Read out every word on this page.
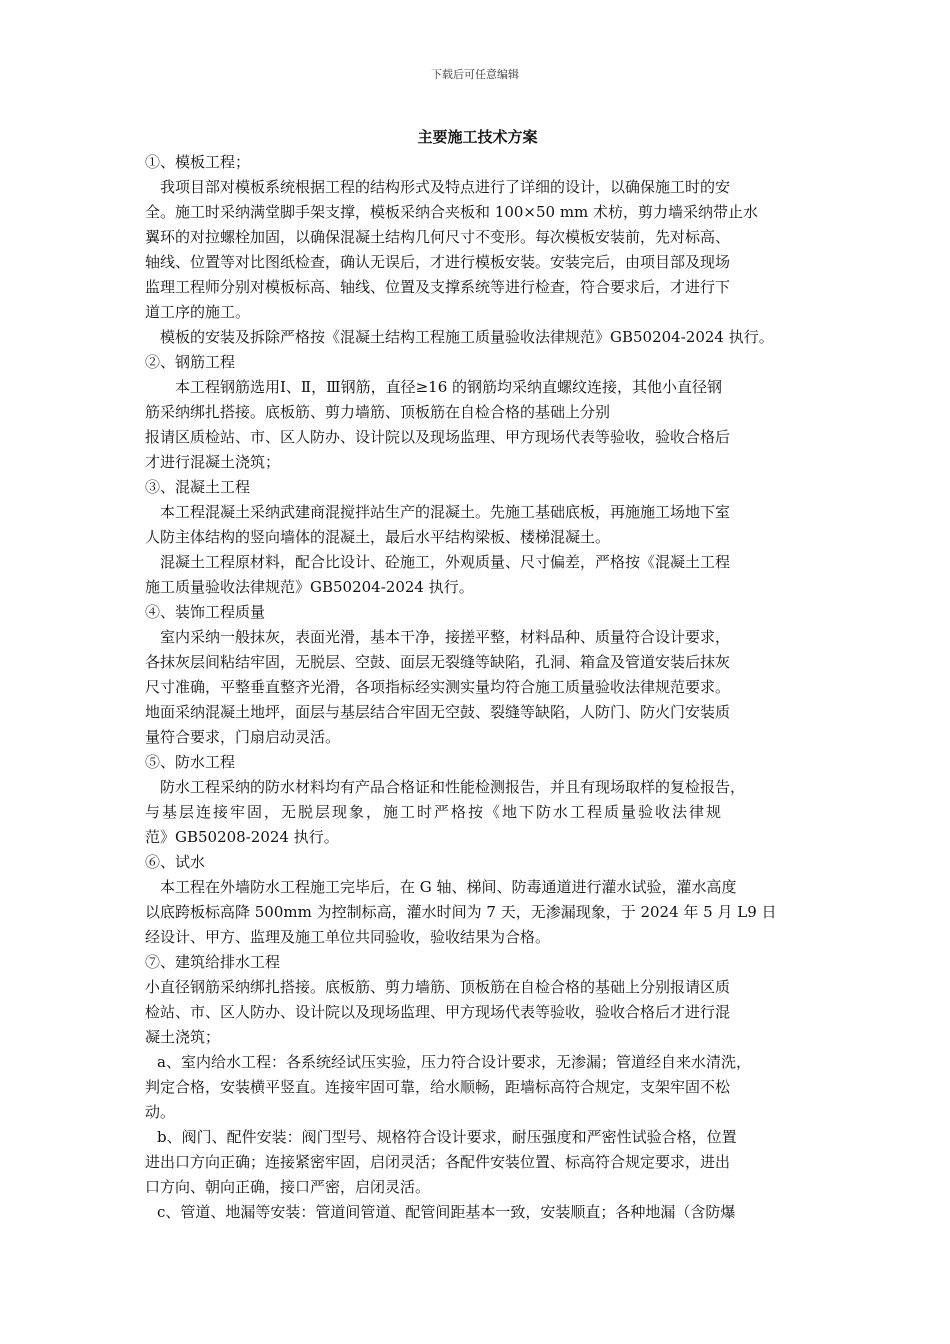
下载后可任意编辑
主要施工技术方案
①、模板工程；
我项目部对模板系统根据工程的结构形式及特点进行了详细的设计，以确保施工时的安
全。施工时采纳满堂脚手架支撑，模板采纳合夹板和 100×50 mm 术枋，剪力墙采纳带止水
翼环的对拉螺栓加固，以确保混凝土结构几何尺寸不变形。每次模板安装前，先对标高、
轴线、位置等对比图纸检查，确认无误后，才进行模板安装。安装完后，由项目部及现场
监理工程师分别对模板标高、轴线、位置及支撑系统等进行检查，符合要求后，才进行下
道工序的施工。
模板的安装及拆除严格按《混凝土结构工程施工质量验收法律规范》GB50204-2024 执行。
②、钢筋工程
本工程钢筋选用Ⅰ、Ⅱ，Ⅲ钢筋，直径≥16 的钢筋均采纳直螺纹连接，其他小直径钢
筋采纳绑扎搭接。底板筋、剪力墙筋、顶板筋在自检合格的基础上分别
报请区质检站、市、区人防办、设计院以及现场监理、甲方现场代表等验收，验收合格后
才进行混凝土浇筑；
③、混凝土工程
本工程混凝土采纳武建商混搅拌站生产的混凝土。先施工基础底板，再施施工场地下室
人防主体结构的竖向墙体的混凝土，最后水平结构梁板、楼梯混凝土。
混凝土工程原材料，配合比设计、砼施工，外观质量、尺寸偏差，严格按《混凝土工程
施工质量验收法律规范》GB50204-2024 执行。
④、装饰工程质量
室内采纳一般抹灰，表面光滑，基本干净，接搓平整，材料品种、质量符合设计要求，
各抹灰层间粘结牢固，无脱层、空鼓、面层无裂缝等缺陷，孔洞、箱盒及管道安装后抹灰
尺寸准确，平整垂直整齐光滑，各项指标经实测实量均符合施工质量验收法律规范要求。
地面采纳混凝土地坪，面层与基层结合牢固无空鼓、裂缝等缺陷，人防门、防火门安装质
量符合要求，门扇启动灵活。
⑤、防水工程
防水工程采纳的防水材料均有产品合格证和性能检测报告，并且有现场取样的复检报告，
与基层连接牢固，无脱层现象，施工时严格按《地下防水工程质量验收法律规
范》GB50208-2024 执行。
⑥、试水
本工程在外墙防水工程施工完毕后，在 G 轴、梯间、防毒通道进行灌水试验，灌水高度
以底跨板标高降 500mm 为控制标高，灌水时间为 7 天，无渗漏现象，于 2024 年 5 月 L9 日
经设计、甲方、监理及施工单位共同验收，验收结果为合格。
⑦、建筑给排水工程
小直径钢筋采纳绑扎搭接。底板筋、剪力墙筋、顶板筋在自检合格的基础上分别报请区质
检站、市、区人防办、设计院以及现场监理、甲方现场代表等验收，验收合格后才进行混
凝土浇筑；
a、室内给水工程：各系统经试压实验，压力符合设计要求，无渗漏；管道经自来水清洗，
判定合格，安装横平竖直。连接牢固可靠，给水顺畅，距墙标高符合规定，支架牢固不松
动。
b、阀门、配件安装：阀门型号、规格符合设计要求，耐压强度和严密性试验合格，位置
进出口方向正确；连接紧密牢固，启闭灵活；各配件安装位置、标高符合规定要求，进出
口方向、朝向正确，接口严密，启闭灵活。
c、管道、地漏等安装：管道间管道、配管间距基本一致，安装顺直；各种地漏（含防爆
